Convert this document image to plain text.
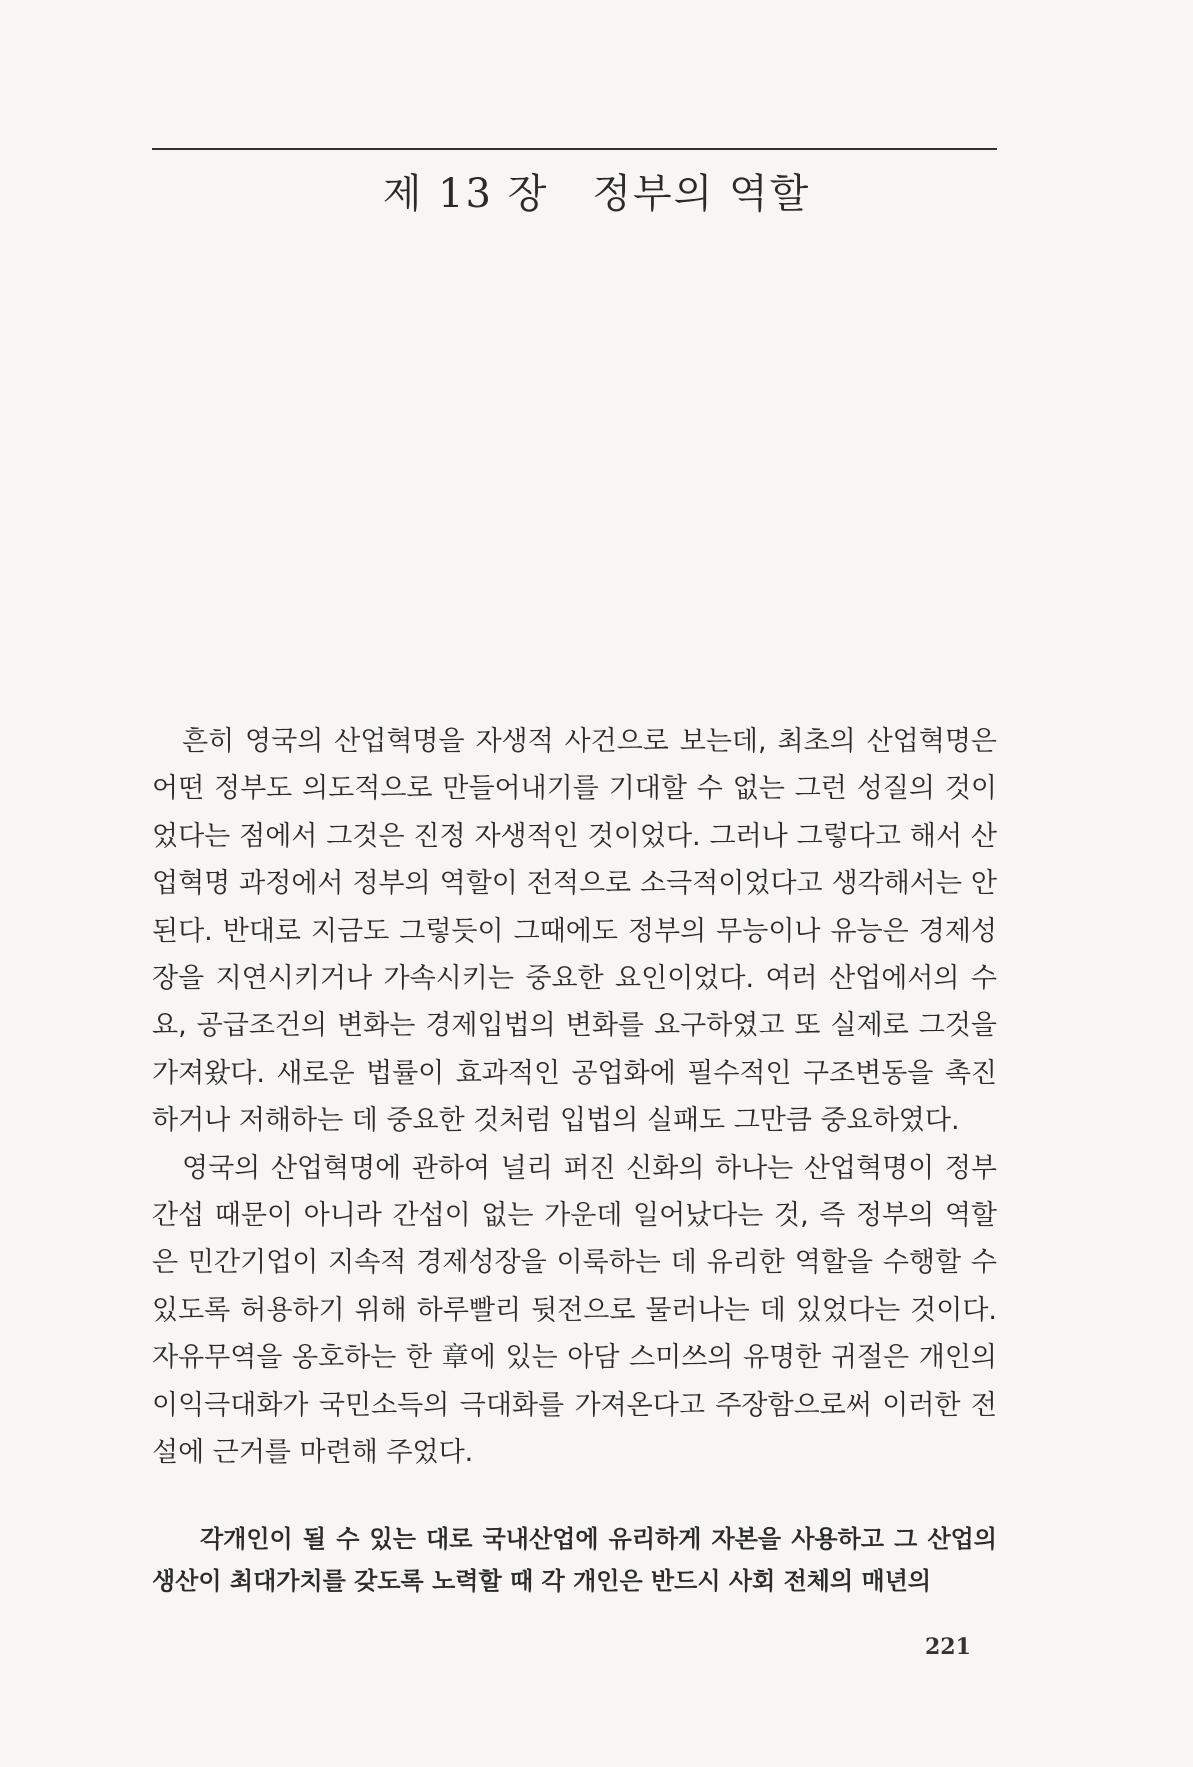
제 13 장 정부의 역할

흔히 영국의 산업혁명을 자생적 사건으로 보는데, 최초의 산업혁명은 어떤 정부도 의도적으로 만들어내기를 기대할 수 없는 그런 성질의 것이었다는 점에서 그것은 진정 자생적인 것이었다. 그러나 그렇다고 해서 산업혁명 과정에서 정부의 역할이 전적으로 소극적이었다고 생각해서는 안된다. 반대로 지금도 그렇듯이 그때에도 정부의 무능이나 유능은 경제성장을 지연시키거나 가속시키는 중요한 요인이었다. 여러 산업에서의 수요, 공급조건의 변화는 경제입법의 변화를 요구하였고 또 실제로 그것을 가져왔다. 새로운 법률이 효과적인 공업화에 필수적인 구조변동을 촉진하거나 저해하는 데 중요한 것처럼 입법의 실패도 그만큼 중요하였다.

영국의 산업혁명에 관하여 널리 퍼진 신화의 하나는 산업혁명이 정부간섭 때문이 아니라 간섭이 없는 가운데 일어났다는 것, 즉 정부의 역할은 민간기업이 지속적 경제성장을 이룩하는 데 유리한 역할을 수행할 수 있도록 허용하기 위해 하루빨리 뒷전으로 물러나는 데 있었다는 것이다. 자유무역을 옹호하는 한 章에 있는 아담 스미쓰의 유명한 귀절은 개인의 이익극대화가 국민소득의 극대화를 가져온다고 주장함으로써 이러한 전설에 근거를 마련해 주었다.

각개인이 될 수 있는 대로 국내산업에 유리하게 자본을 사용하고 그 산업의 생산이 최대가치를 갖도록 노력할 때 각 개인은 반드시 사회 전체의 매년의

221
